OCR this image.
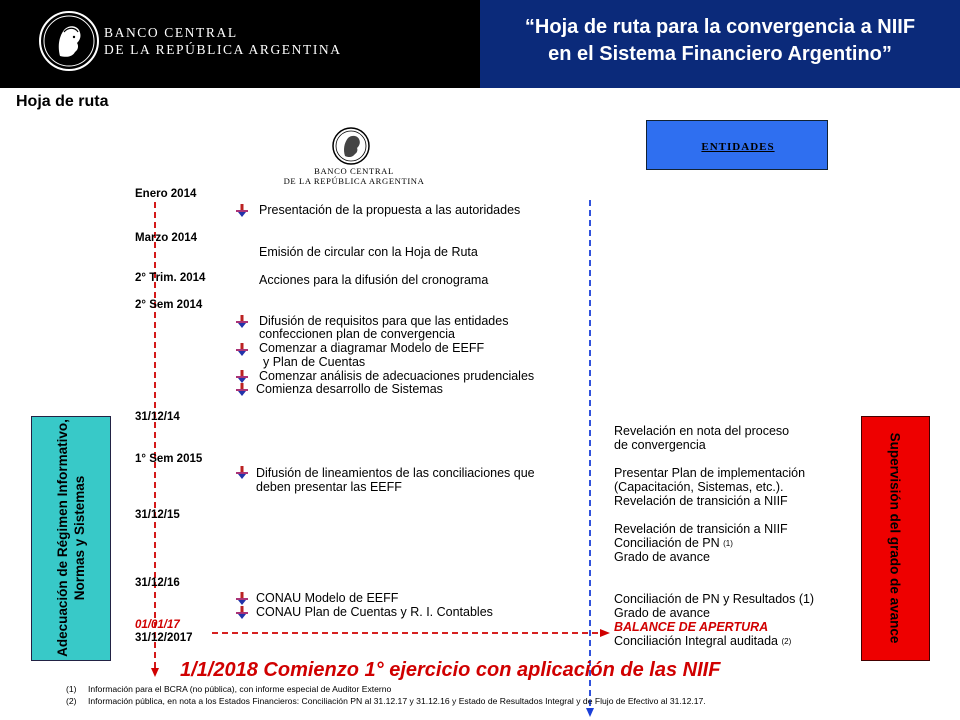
BANCO CENTRAL
DE LA REPÚBLICA ARGENTINA
“Hoja de ruta para la convergencia a NIIF
en el Sistema Financiero Argentino”
Hoja de ruta
BANCO CENTRAL
DE LA REPÚBLICA ARGENTINA
ENTIDADES
Adecuación de Régimen Informativo, Normas y Sistemas	Supervisión del grado de avance
Enero 2014
Marzo 2014
2° Trim. 2014
2° Sem 2014
31/12/14
1° Sem 2015
31/12/15
31/12/16
01/01/17
31/12/2017
Presentación de la propuesta a las autoridades
Emisión de circular con la Hoja de Ruta
Acciones para la difusión del cronograma
Difusión de requisitos para que las entidades
confeccionen plan de convergencia
Comenzar a diagramar Modelo de EEFF
y Plan de Cuentas
Comenzar análisis de adecuaciones prudenciales
Comienza desarrollo de Sistemas
Difusión de lineamientos de las conciliaciones que
deben presentar las EEFF
CONAU Modelo de EEFF
CONAU Plan de Cuentas y R. I. Contables
Revelación en nota del proceso
de convergencia
Presentar Plan de implementación
(Capacitación, Sistemas, etc.).
Revelación de transición a NIIF
Revelación de transición a NIIF
Conciliación de PN $^{(1)}$
Grado de avance
Conciliación de PN y Resultados (1)
Grado de avance
BALANCE DE APERTURA
Conciliación Integral auditada $^{(2)}$
1/1/2018 Comienzo 1° ejercicio con aplicación de las NIIF
(1) Información para el BCRA (no pública), con informe especial de Auditor Externo
(2) Información pública, en nota a los Estados Financieros: Conciliación PN al 31.12.17 y 31.12.16 y Estado de Resultados Integral y de Flujo de Efectivo al 31.12.17.
